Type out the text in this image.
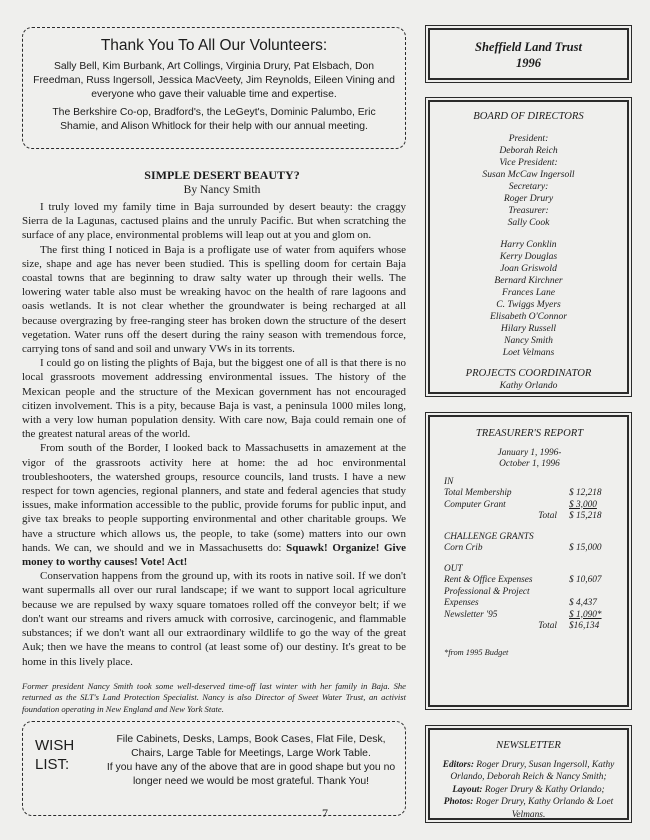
Thank You To All Our Volunteers:

Sally Bell, Kim Burbank, Art Collings, Virginia Drury, Pat Elsbach, Don Freedman, Russ Ingersoll, Jessica MacVeety, Jim Reynolds, Eileen Vining and everyone who gave their valuable time and expertise.

The Berkshire Co-op, Bradford's, the LeGeyt's, Dominic Palumbo, Eric Shamie, and Alison Whitlock for their help with our annual meeting.

SIMPLE DESERT BEAUTY?
By Nancy Smith

I truly loved my family time in Baja surrounded by desert beauty: the craggy Sierra de la Lagunas, cactused plains and the unruly Pacific. But when scratching the surface of any place, environmental problems will leap out at you and glom on.

The first thing I noticed in Baja is a profligate use of water from aquifers whose size, shape and age has never been studied. This is spelling doom for certain Baja coastal towns that are beginning to draw salty water up through their wells. The lowering water table also must be wreaking havoc on the health of rare lagoons and oasis wetlands. It is not clear whether the groundwater is being recharged at all because overgrazing by free-ranging steer has broken down the structure of the desert vegetation. Water runs off the desert during the rainy season with tremendous force, carrying tons of sand and soil and unwary VWs in its torrents.

I could go on listing the plights of Baja, but the biggest one of all is that there is no local grassroots movement addressing environmental issues. The history of the Mexican people and the structure of the Mexican government has not encouraged citizen involvement. This is a pity, because Baja is vast, a peninsula 1000 miles long, with a very low human population density. With care now, Baja could remain one of the greatest natural areas of the world.

From south of the Border, I looked back to Massachusetts in amazement at the vigor of the grassroots activity here at home: the ad hoc environmental troubleshooters, the watershed groups, resource councils, land trusts. I have a new respect for town agencies, regional planners, and state and federal agencies that study issues, make information accessible to the public, provide forums for public input, and give tax breaks to people supporting environmental and other charitable groups. We have a structure which allows us, the people, to take (some) matters into our own hands. We can, we should and we in Massachusetts do: Squawk! Organize! Give money to worthy causes! Vote! Act!

Conservation happens from the ground up, with its roots in native soil. If we don't want supermalls all over our rural landscape; if we want to support local agriculture because we are repulsed by waxy square tomatoes rolled off the conveyor belt; if we don't want our streams and rivers amuck with corrosive, carcinogenic, and flammable substances; if we don't want all our extraordinary wildlife to go the way of the great Auk; then we have the means to control (at least some of) our destiny. It's great to be home in this lively place.

Former president Nancy Smith took some well-deserved time-off last winter with her family in Baja. She returned as the SLT's Land Protection Specialist. Nancy is also Director of Sweet Water Trust, an activist foundation operating in New England and New York State.

WISH
LIST:
File Cabinets, Desks, Lamps, Book Cases, Flat File, Desk, Chairs, Large Table for Meetings, Large Work Table.
If you have any of the above that are in good shape but you no longer need we would be most grateful. Thank You!
Sheffield Land Trust
1996
BOARD OF DIRECTORS
President:
Deborah Reich
Vice President:
Susan McCaw Ingersoll
Secretary:
Roger Drury
Treasurer:
Sally Cook
Harry Conklin
Kerry Douglas
Joan Griswold
Bernard Kirchner
Frances Lane
C. Twiggs Myers
Elisabeth O'Connor
Hilary Russell
Nancy Smith
Loet Velmans
PROJECTS COORDINATOR
Kathy Orlando
TREASURER'S REPORT
January 1, 1996-
October 1, 1996
IN
Total Membership	$ 12,218
Computer Grant	$ 3,000
Total $ 15,218
CHALLENGE GRANTS
Corn Crib	$ 15,000
OUT
Rent & Office Expenses	$ 10,607
Professional & Project
Expenses	$ 4,437
Newsletter '95	$ 1,090*
Total $16,134
*from 1995 Budget
NEWSLETTER
Editors: Roger Drury, Susan Ingersoll, Kathy Orlando, Deborah Reich & Nancy Smith; Layout: Roger Drury & Kathy Orlando; Photos: Roger Drury, Kathy Orlando & Loet Velmans.
7
